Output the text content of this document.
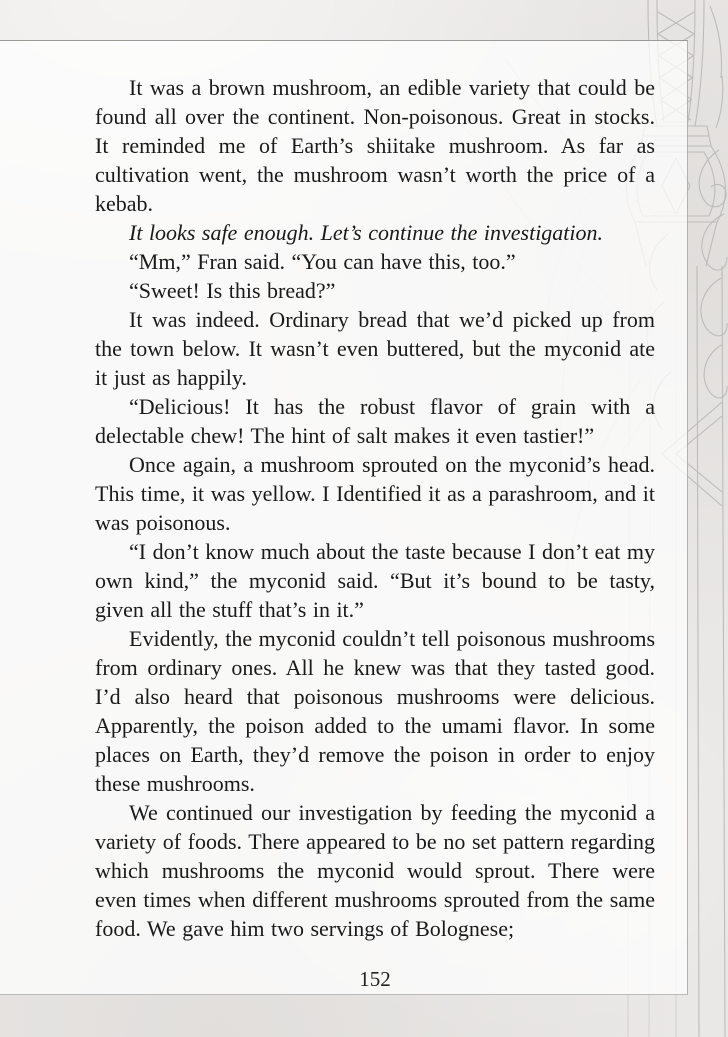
It was a brown mushroom, an edible variety that could be found all over the continent. Non-poisonous. Great in stocks. It reminded me of Earth’s shiitake mushroom. As far as cultivation went, the mushroom wasn’t worth the price of a kebab.

It looks safe enough. Let’s continue the investigation.

“Mm,” Fran said. “You can have this, too.”

“Sweet! Is this bread?”

It was indeed. Ordinary bread that we’d picked up from the town below. It wasn’t even buttered, but the myconid ate it just as happily.

“Delicious! It has the robust flavor of grain with a delectable chew! The hint of salt makes it even tastier!”

Once again, a mushroom sprouted on the myconid’s head. This time, it was yellow. I Identified it as a parashroom, and it was poisonous.

“I don’t know much about the taste because I don’t eat my own kind,” the myconid said. “But it’s bound to be tasty, given all the stuff that’s in it.”

Evidently, the myconid couldn’t tell poisonous mushrooms from ordinary ones. All he knew was that they tasted good. I’d also heard that poisonous mushrooms were delicious. Apparently, the poison added to the umami flavor. In some places on Earth, they’d remove the poison in order to enjoy these mushrooms.

We continued our investigation by feeding the myconid a variety of foods. There appeared to be no set pattern regarding which mushrooms the myconid would sprout. There were even times when different mushrooms sprouted from the same food. We gave him two servings of Bolognese;

152
